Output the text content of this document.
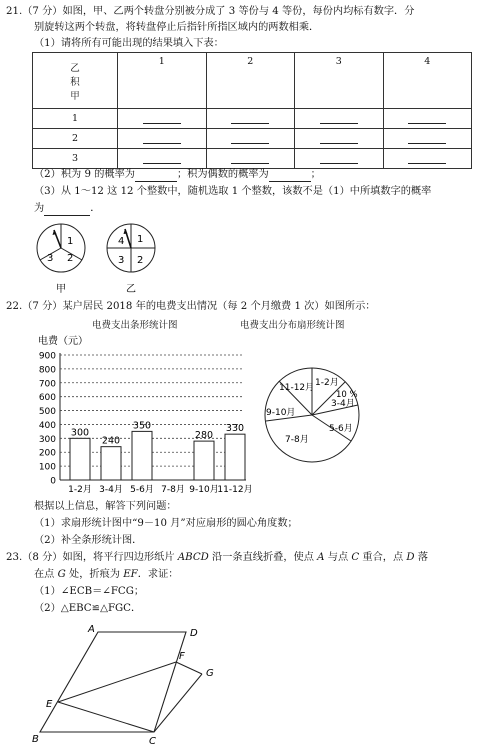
21.（7 分）如图，甲、乙两个转盘分别被分成了 3 等份与 4 等份，每份内均标有数字．分
别旋转这两个转盘，将转盘停止后指针所指区域内的两数相乘．
（1）请将所有可能出现的结果填入下表：
乙
积
甲	1	2	3	4
1				
2				
3				
（2）积为 9 的概率为	；积为偶数的概率为	；
（3）从 1～12 这 12 个整数中，随机选取 1 个整数，该数不是（1）中所填数字的概率
为	．
1
2
3
甲
4 1
2
3
乙
22.（7 分）某户居民 2018 年的电费支出情况（每 2 个月缴费 1 次）如图所示：
电费支出条形统计图	电费支出分布扇形统计图
电费（元）
0
100
200
300
400
500
600
700
800
900
300
240
350
280
330
1-2月 3-4月 5-6月 7-8月 9-10月
11-12月
1-2月
3-4月
10 %
5-6月
7-8月
9-10月
11-12月
根据以上信息，解答下列问题：
（1）求扇形统计图中“9－10 月”对应扇形的圆心角度数；
（2）补全条形统计图．
23.（8 分）如图，将平行四边形纸片 ABCD 沿一条直线折叠，使点 A 与点 C 重合，点 D 落
在点 G 处，折痕为 EF．求证：
（1）∠ECB＝∠FCG；
（2）△EBC≌△FGC．
A	D
F
G
E
B	C
